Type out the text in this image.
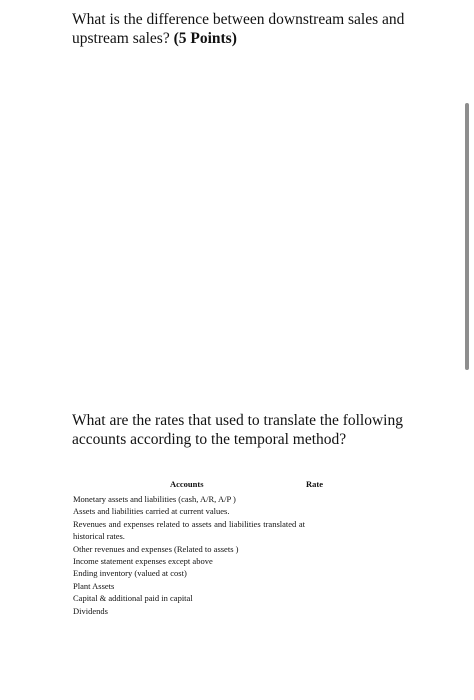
What is the difference between downstream sales and upstream sales? (5 Points)
What are the rates that used to translate the following accounts according to the temporal method?
Accounts	Rate
Monetary assets and liabilities (cash, A/R, A/P )
Assets and liabilities carried at current values.
Revenues and expenses related to assets and liabilities translated at historical rates.
Other revenues and expenses (Related to assets )
Income statement expenses except above
Ending inventory (valued at cost)
Plant Assets
Capital & additional paid in capital
Dividends
